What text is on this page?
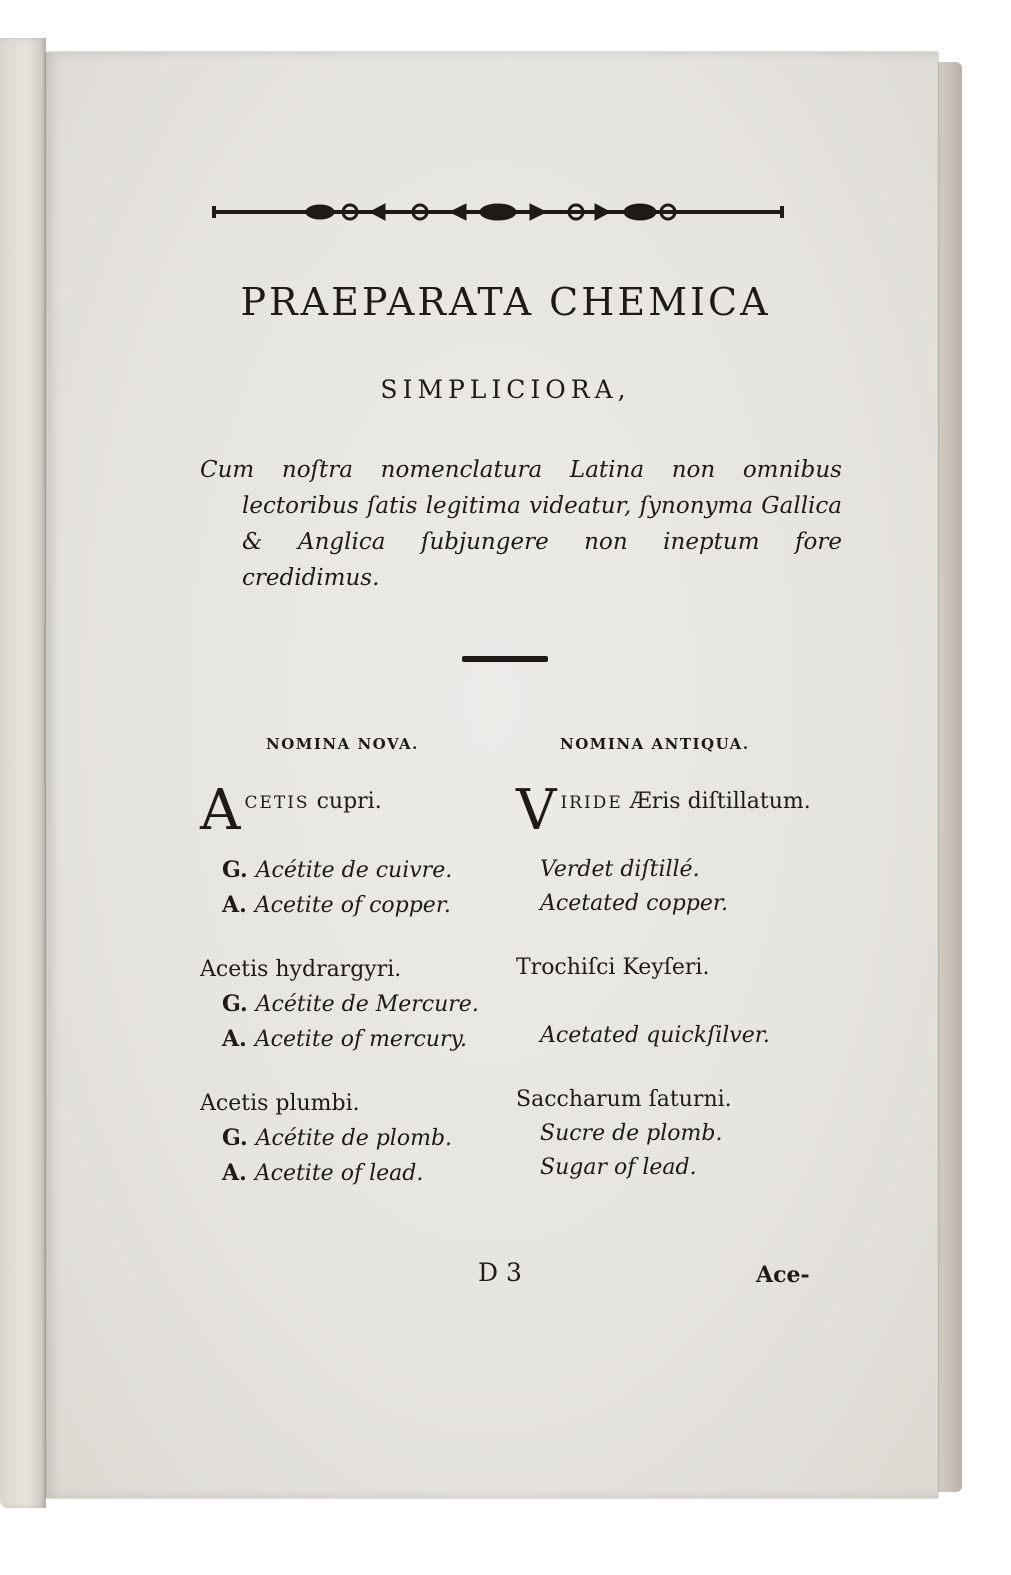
PRAEPARATA CHEMICA
SIMPLICIORA,
Cum noſtra nomenclatura Latina non omnibus lectoribus ſatis legitima videatur, ſynonyma Gallica & Anglica ſubjungere non ineptum fore credidimus.
NOMINA NOVA.	NOMINA ANTIQUA.
A CETIS cupri.
G. Acétite de cuivre.
A. Acetite of copper.
Acetis hydrargyri.
G. Acétite de Mercure.
A. Acetite of mercury.
Acetis plumbi.
G. Acétite de plomb.
A. Acetite of lead.
V IRIDE Æris diſtillatum.
Verdet diſtillé.
Acetated copper.
Trochiſci Keyſeri.
Acetated quickſilver.
Saccharum ſaturni.
Sucre de plomb.
Sugar of lead.
D 3	Ace-
